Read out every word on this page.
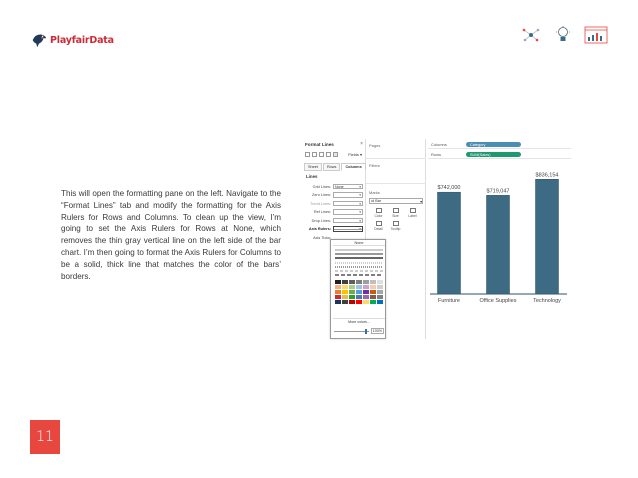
PlayfairData

This will open the formatting pane on the left. Navigate to the “Format Lines” tab and modify the formatting for the Axis Rulers for Rows and Columns. To clean up the view, I’m going to set the Axis Rulers for Rows at None, which removes the thin gray vertical line on the left side of the bar chart. I’m then going to format the Axis Rulers for Columns to be a solid, thick line that matches the color of the bars’ borders.

11
Format Lines	×
Fields ▾
Sheet	Rows	Columns
Lines
Grid Lines:	None	▾
Zero Lines:	▾
Trend Lines:	▾
Ref Lines:	▾
Drop Lines:	▾
Axis Rulers:	▾
Axis Ticks:
Pages
Filters
Marks
ıd Bar	▾
Color	Size	Label
Detail Tooltip
None
More colors...
100%
Columns	Category
Rows	SUM(Sales)
$742,000
Furniture
$719,047
Office Supplies
$836,154
Technology
